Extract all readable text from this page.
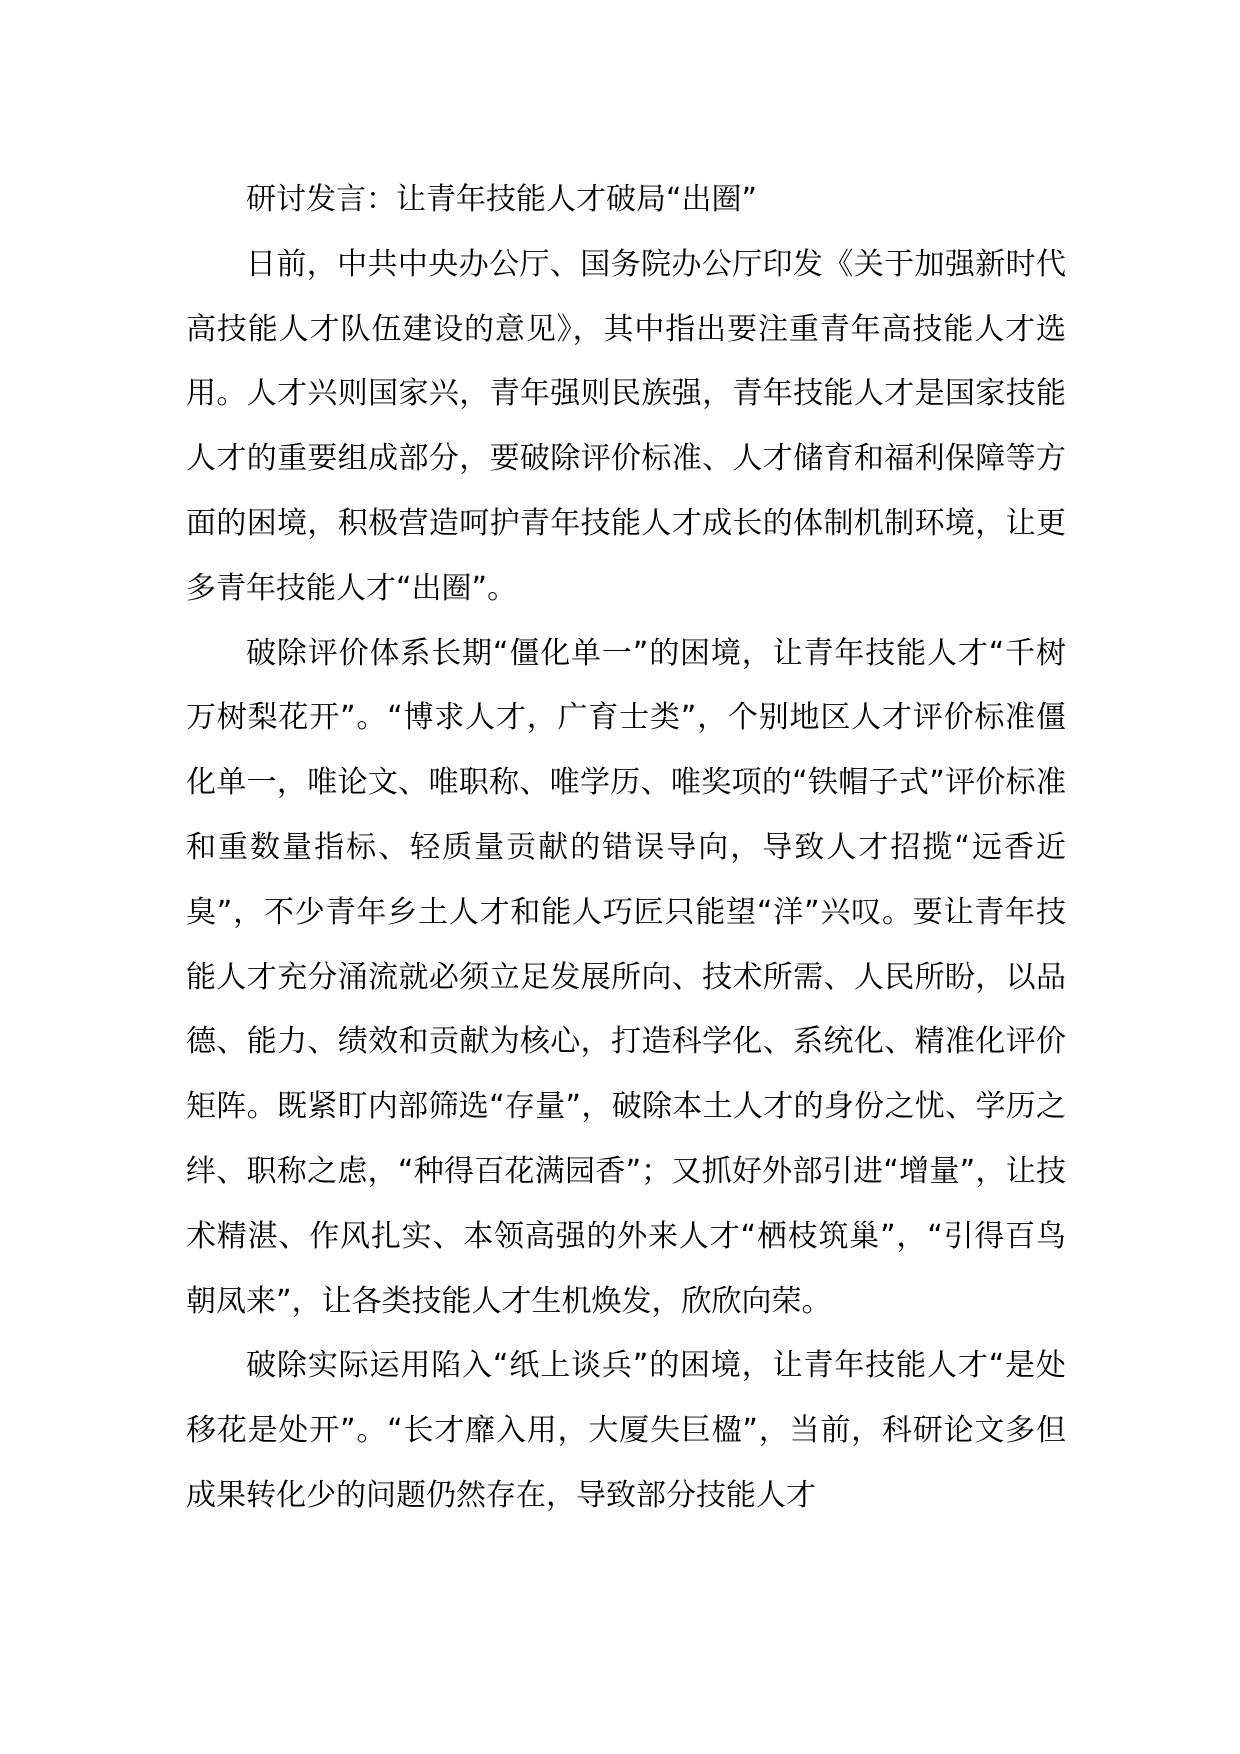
研讨发言：让青年技能人才破局“出圈”

日前，中共中央办公厅、国务院办公厅印发《关于加强新时代高技能人才队伍建设的意见》，其中指出要注重青年高技能人才选用。人才兴则国家兴，青年强则民族强，青年技能人才是国家技能人才的重要组成部分，要破除评价标准、人才储育和福利保障等方面的困境，积极营造呵护青年技能人才成长的体制机制环境，让更多青年技能人才“出圈”。

破除评价体系长期“僵化单一”的困境，让青年技能人才“千树万树梨花开”。“博求人才，广育士类”，个别地区人才评价标准僵化单一，唯论文、唯职称、唯学历、唯奖项的“铁帽子式”评价标准和重数量指标、轻质量贡献的错误导向，导致人才招揽“远香近臭”，不少青年乡土人才和能人巧匠只能望“洋”兴叹。要让青年技能人才充分涌流就必须立足发展所向、技术所需、人民所盼，以品德、能力、绩效和贡献为核心，打造科学化、系统化、精准化评价矩阵。既紧盯内部筛选“存量”，破除本土人才的身份之忧、学历之绊、职称之虑，“种得百花满园香”；又抓好外部引进“增量”，让技术精湛、作风扎实、本领高强的外来人才“栖枝筑巢”，“引得百鸟朝凤来”，让各类技能人才生机焕发，欣欣向荣。

破除实际运用陷入“纸上谈兵”的困境，让青年技能人才“是处移花是处开”。“长才靡入用，大厦失巨楹”，当前，科研论文多但成果转化少的问题仍然存在，导致部分技能人才
